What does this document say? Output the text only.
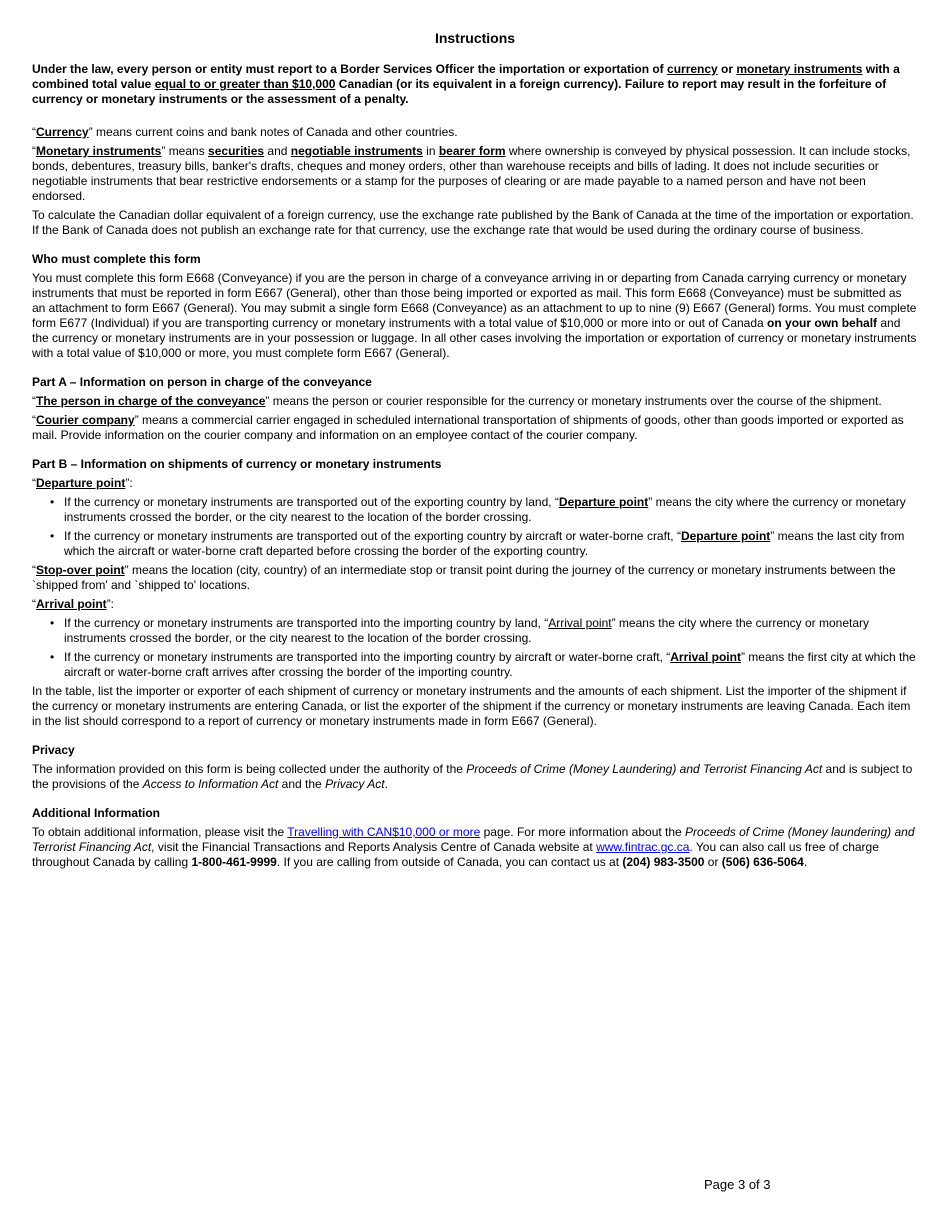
Instructions

Under the law, every person or entity must report to a Border Services Officer the importation or exportation of currency or monetary instruments with a combined total value equal to or greater than $10,000 Canadian (or its equivalent in a foreign currency). Failure to report may result in the forfeiture of currency or monetary instruments or the assessment of a penalty.

“Currency” means current coins and bank notes of Canada and other countries.

“Monetary instruments” means securities and negotiable instruments in bearer form where ownership is conveyed by physical possession. It can include stocks, bonds, debentures, treasury bills, banker's drafts, cheques and money orders, other than warehouse receipts and bills of lading. It does not include securities or negotiable instruments that bear restrictive endorsements or a stamp for the purposes of clearing or are made payable to a named person and have not been endorsed.

To calculate the Canadian dollar equivalent of a foreign currency, use the exchange rate published by the Bank of Canada at the time of the importation or exportation. If the Bank of Canada does not publish an exchange rate for that currency, use the exchange rate that would be used during the ordinary course of business.

Who must complete this form

You must complete this form E668 (Conveyance) if you are the person in charge of a conveyance arriving in or departing from Canada carrying currency or monetary instruments that must be reported in form E667 (General), other than those being imported or exported as mail. This form E668 (Conveyance) must be submitted as an attachment to form E667 (General). You may submit a single form E668 (Conveyance) as an attachment to up to nine (9) E667 (General) forms. You must complete form E677 (Individual) if you are transporting currency or monetary instruments with a total value of $10,000 or more into or out of Canada on your own behalf and the currency or monetary instruments are in your possession or luggage. In all other cases involving the importation or exportation of currency or monetary instruments with a total value of $10,000 or more, you must complete form E667 (General).

Part A – Information on person in charge of the conveyance

“The person in charge of the conveyance” means the person or courier responsible for the currency or monetary instruments over the course of the shipment.

“Courier company” means a commercial carrier engaged in scheduled international transportation of shipments of goods, other than goods imported or exported as mail. Provide information on the courier company and information on an employee contact of the courier company.

Part B – Information on shipments of currency or monetary instruments

“Departure point”:

• If the currency or monetary instruments are transported out of the exporting country by land, “Departure point” means the city where the currency or monetary instruments crossed the border, or the city nearest to the location of the border crossing.
• If the currency or monetary instruments are transported out of the exporting country by aircraft or water-borne craft, “Departure point” means the last city from which the aircraft or water-borne craft departed before crossing the border of the exporting country.

“Stop-over point” means the location (city, country) of an intermediate stop or transit point during the journey of the currency or monetary instruments between the `shipped from' and `shipped to' locations.

“Arrival point”:

• If the currency or monetary instruments are transported into the importing country by land, “Arrival point” means the city where the currency or monetary instruments crossed the border, or the city nearest to the location of the border crossing.
• If the currency or monetary instruments are transported into the importing country by aircraft or water-borne craft, “Arrival point” means the first city at which the aircraft or water-borne craft arrives after crossing the border of the importing country.

In the table, list the importer or exporter of each shipment of currency or monetary instruments and the amounts of each shipment. List the importer of the shipment if the currency or monetary instruments are entering Canada, or list the exporter of the shipment if the currency or monetary instruments are leaving Canada. Each item in the list should correspond to a report of currency or monetary instruments made in form E667 (General).

Privacy

The information provided on this form is being collected under the authority of the Proceeds of Crime (Money Laundering) and Terrorist Financing Act and is subject to the provisions of the Access to Information Act and the Privacy Act.

Additional Information

To obtain additional information, please visit the Travelling with CAN$10,000 or more page. For more information about the Proceeds of Crime (Money laundering) and Terrorist Financing Act, visit the Financial Transactions and Reports Analysis Centre of Canada website at www.fintrac.gc.ca. You can also call us free of charge throughout Canada by calling 1-800-461-9999. If you are calling from outside of Canada, you can contact us at (204) 983-3500 or (506) 636-5064.

Page 3 of 3
